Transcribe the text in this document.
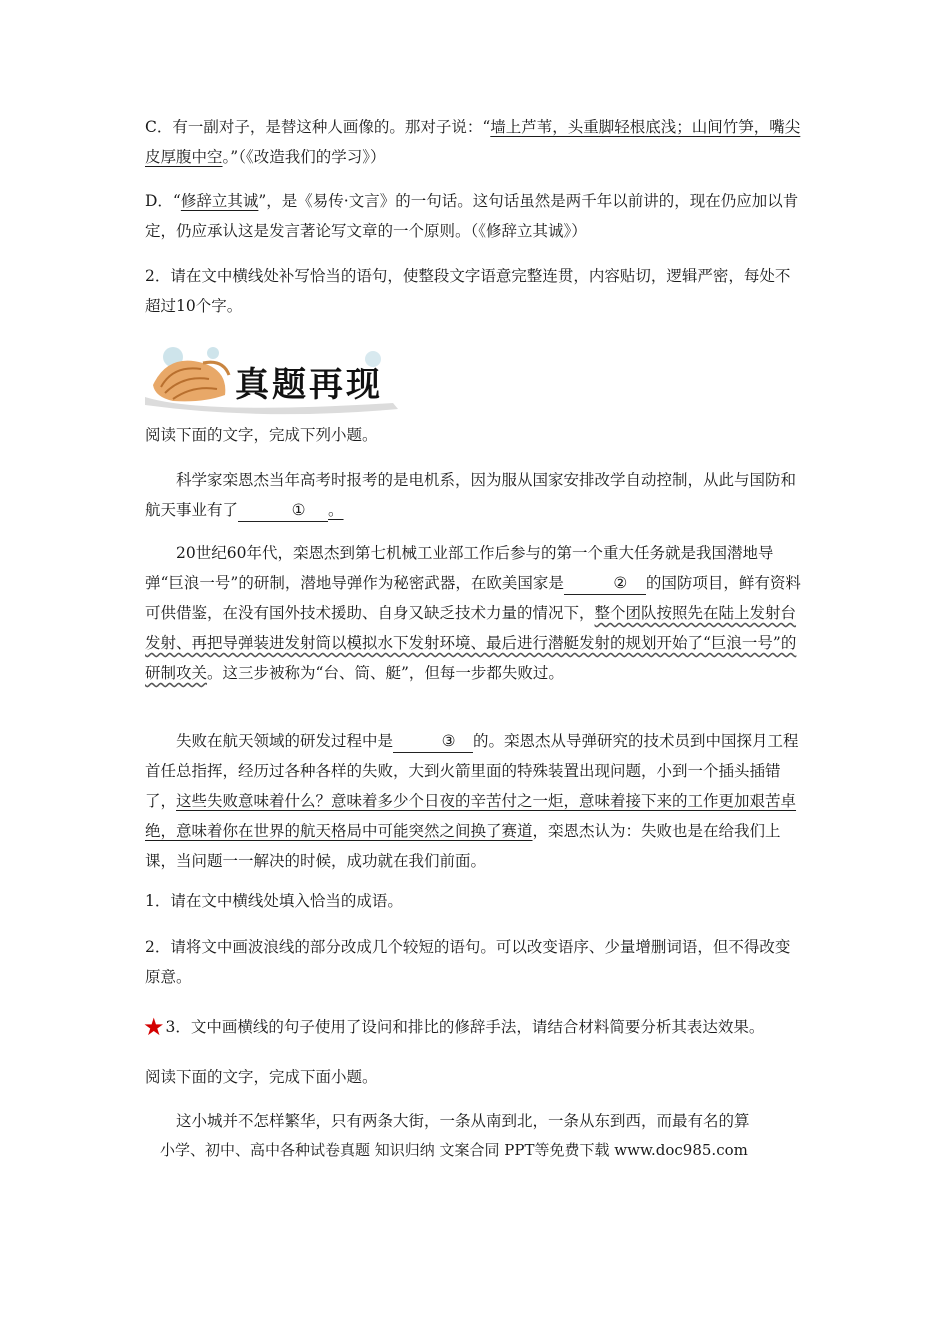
C．有一副对子，是替这种人画像的。那对子说：“墙上芦苇，头重脚轻根底浅；山间竹笋，嘴尖皮厚腹中空。”（《改造我们的学习》）

D．“修辞立其诚”，是《易传·文言》的一句话。这句话虽然是两千年以前讲的，现在仍应加以肯定，仍应承认这是发言著论写文章的一个原则。（《修辞立其诚》）

2．请在文中横线处补写恰当的语句，使整段文字语意完整连贯，内容贴切，逻辑严密，每处不超过10个字。

真题再现

阅读下面的文字，完成下列小题。

科学家栾恩杰当年高考时报考的是电机系，因为服从国家安排改学自动控制，从此与国防和航天事业有了	① 。

20世纪60年代，栾恩杰到第七机械工业部工作后参与的第一个重大任务就是我国潜地导弹“巨浪一号”的研制，潜地导弹作为秘密武器，在欧美国家是	② 的国防项目，鲜有资料可供借鉴，在没有国外技术援助、自身又缺乏技术力量的情况下，整个团队按照先在陆上发射台发射、再把导弹装进发射筒以模拟水下发射环境、最后进行潜艇发射的规划开始了“巨浪一号”的研制攻关。这三步被称为“台、筒、艇”，但每一步都失败过。

失败在航天领域的研发过程中是	③ 的。栾恩杰从导弹研究的技术员到中国探月工程首任总指挥，经历过各种各样的失败，大到火箭里面的特殊装置出现问题，小到一个插头插错了，这些失败意味着什么？意味着多少个日夜的辛苦付之一炬，意味着接下来的工作更加艰苦卓绝，意味着你在世界的航天格局中可能突然之间换了赛道，栾恩杰认为：失败也是在给我们上课，当问题一一解决的时候，成功就在我们前面。

1．请在文中横线处填入恰当的成语。

2．请将文中画波浪线的部分改成几个较短的语句。可以改变语序、少量增删词语，但不得改变原意。

★3．文中画横线的句子使用了设问和排比的修辞手法，请结合材料简要分析其表达效果。

阅读下面的文字，完成下面小题。

这小城并不怎样繁华，只有两条大街，一条从南到北，一条从东到西，而最有名的算

小学、初中、高中各种试卷真题 知识归纳 文案合同 PPT等免费下载 www.doc985.com
